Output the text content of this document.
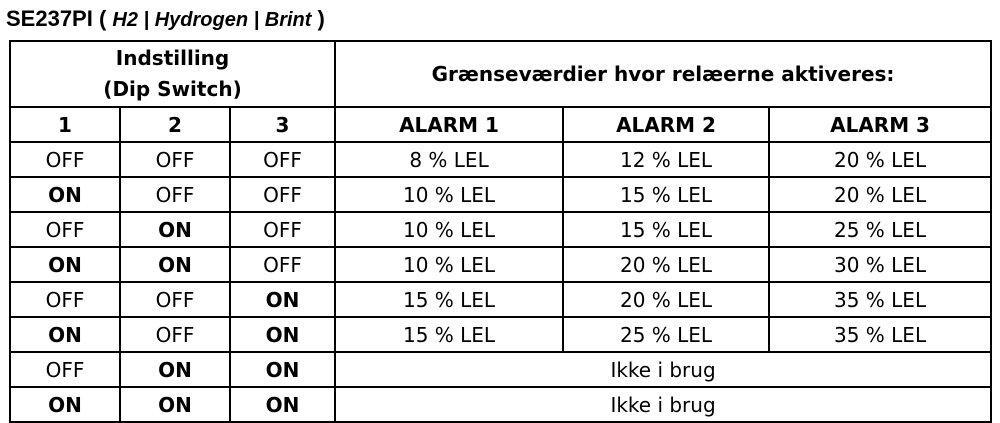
SE237PI ( H2 | Hydrogen | Brint )
Indstilling
(Dip Switch)			Grænseværdier hvor relæerne aktiveres:		
1	2	3	ALARM 1	ALARM 2	ALARM 3
OFF	OFF	OFF	8 % LEL	12 % LEL	20 % LEL
ON	OFF	OFF	10 % LEL	15 % LEL	20 % LEL
OFF	ON	OFF	10 % LEL	15 % LEL	25 % LEL
ON	ON	OFF	10 % LEL	20 % LEL	30 % LEL
OFF	OFF	ON	15 % LEL	20 % LEL	35 % LEL
ON	OFF	ON	15 % LEL	25 % LEL	35 % LEL
OFF	ON	ON	Ikke i brug		
ON	ON	ON	Ikke i brug		
